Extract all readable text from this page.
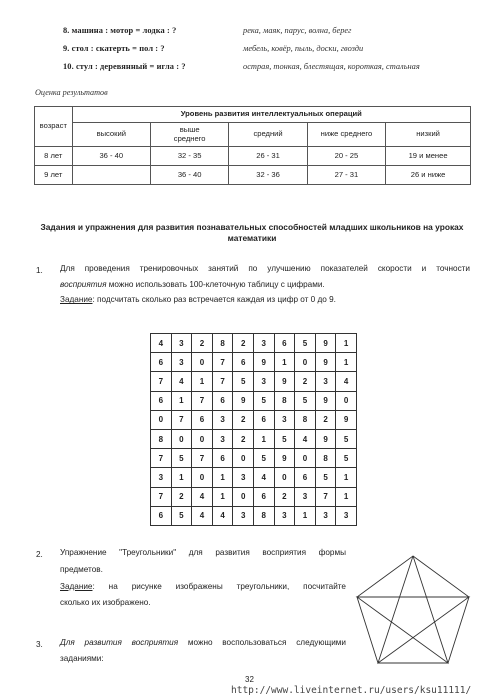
8. машина : мотор = лодка : ?	река, маяк, парус, волна, берег
9. стол : скатерть = пол : ?	мебель, ковёр, пыль, доски, гвозди
10. стул : деревянный = игла : ?	острая, тонкая, блестящая, короткая, стальная
Оценка результатов
возраст	Уровень развития интеллектуальных операций				
	высокий	выше среднего	средний	ниже среднего	низкий
8 лет	36 - 40	32 - 35	26 - 31	20 - 25	19 и менее
9 лет		36 - 40	32 - 36	27 - 31	26 и ниже
Задания и упражнения для развития познавательных способностей младших школьников на уроках математики
1. Для проведения тренировочных занятий по улучшению показателей скорости и точности
восприятия можно использовать 100-клеточную таблицу с цифрами.
Задание: подсчитать сколько раз встречается каждая из цифр от 0 до 9.
4	3	2	8	2	3	6	5	9	1
6	3	0	7	6	9	1	0	9	1
7	4	1	7	5	3	9	2	3	4
6	1	7	6	9	5	8	5	9	0
0	7	6	3	2	6	3	8	2	9
8	0	0	3	2	1	5	4	9	5
7	5	7	6	0	5	9	0	8	5
3	1	0	1	3	4	0	6	5	1
7	2	4	1	0	6	2	3	7	1
6	5	4	4	3	8	3	1	3	3
2. Упражнение "Треугольники" для развития восприятия формы
предметов.
Задание: на рисунке изображены треугольники, посчитайте
сколько их изображено.
3. Для развития восприятия можно воспользоваться следующими
заданиями:
32
http://www.liveinternet.ru/users/ksu11111/
